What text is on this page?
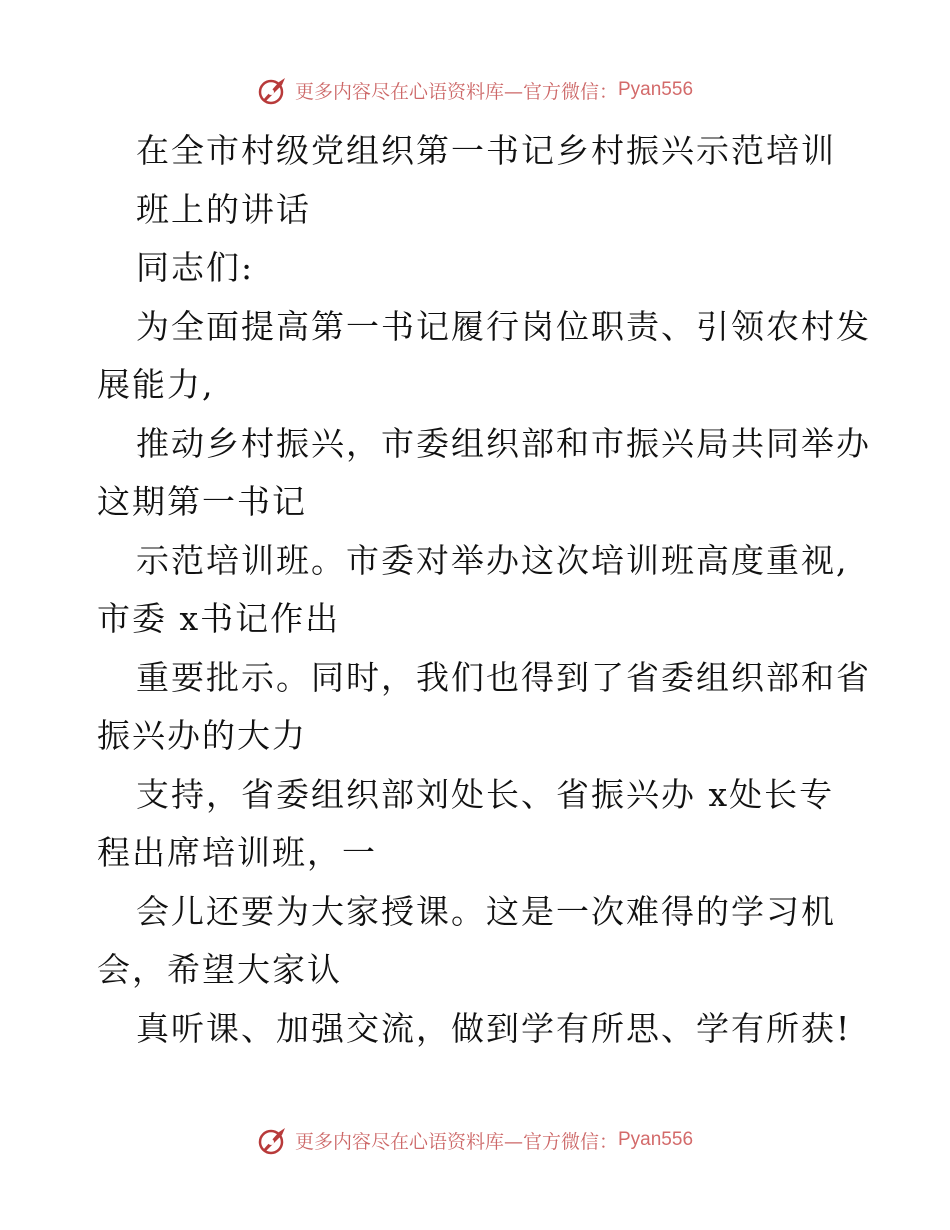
更多内容尽在心语资料库—官方微信： Pyan556
在全市村级党组织第一书记乡村振兴示范培训
班上的讲话
同志们:
为全面提高第一书记履行岗位职责、引领农村发
展能力,
推动乡村振兴，市委组织部和市振兴局共同举办
这期第一书记
示范培训班。市委对举办这次培训班高度重视,
市委 x书记作出
重要批示。同时，我们也得到了省委组织部和省
振兴办的大力
支持，省委组织部刘处长、省振兴办 x处长专
程出席培训班，一
会儿还要为大家授课。这是一次难得的学习机
会，希望大家认
真听课、加强交流，做到学有所思、学有所获!
更多内容尽在心语资料库—官方微信： Pyan556
